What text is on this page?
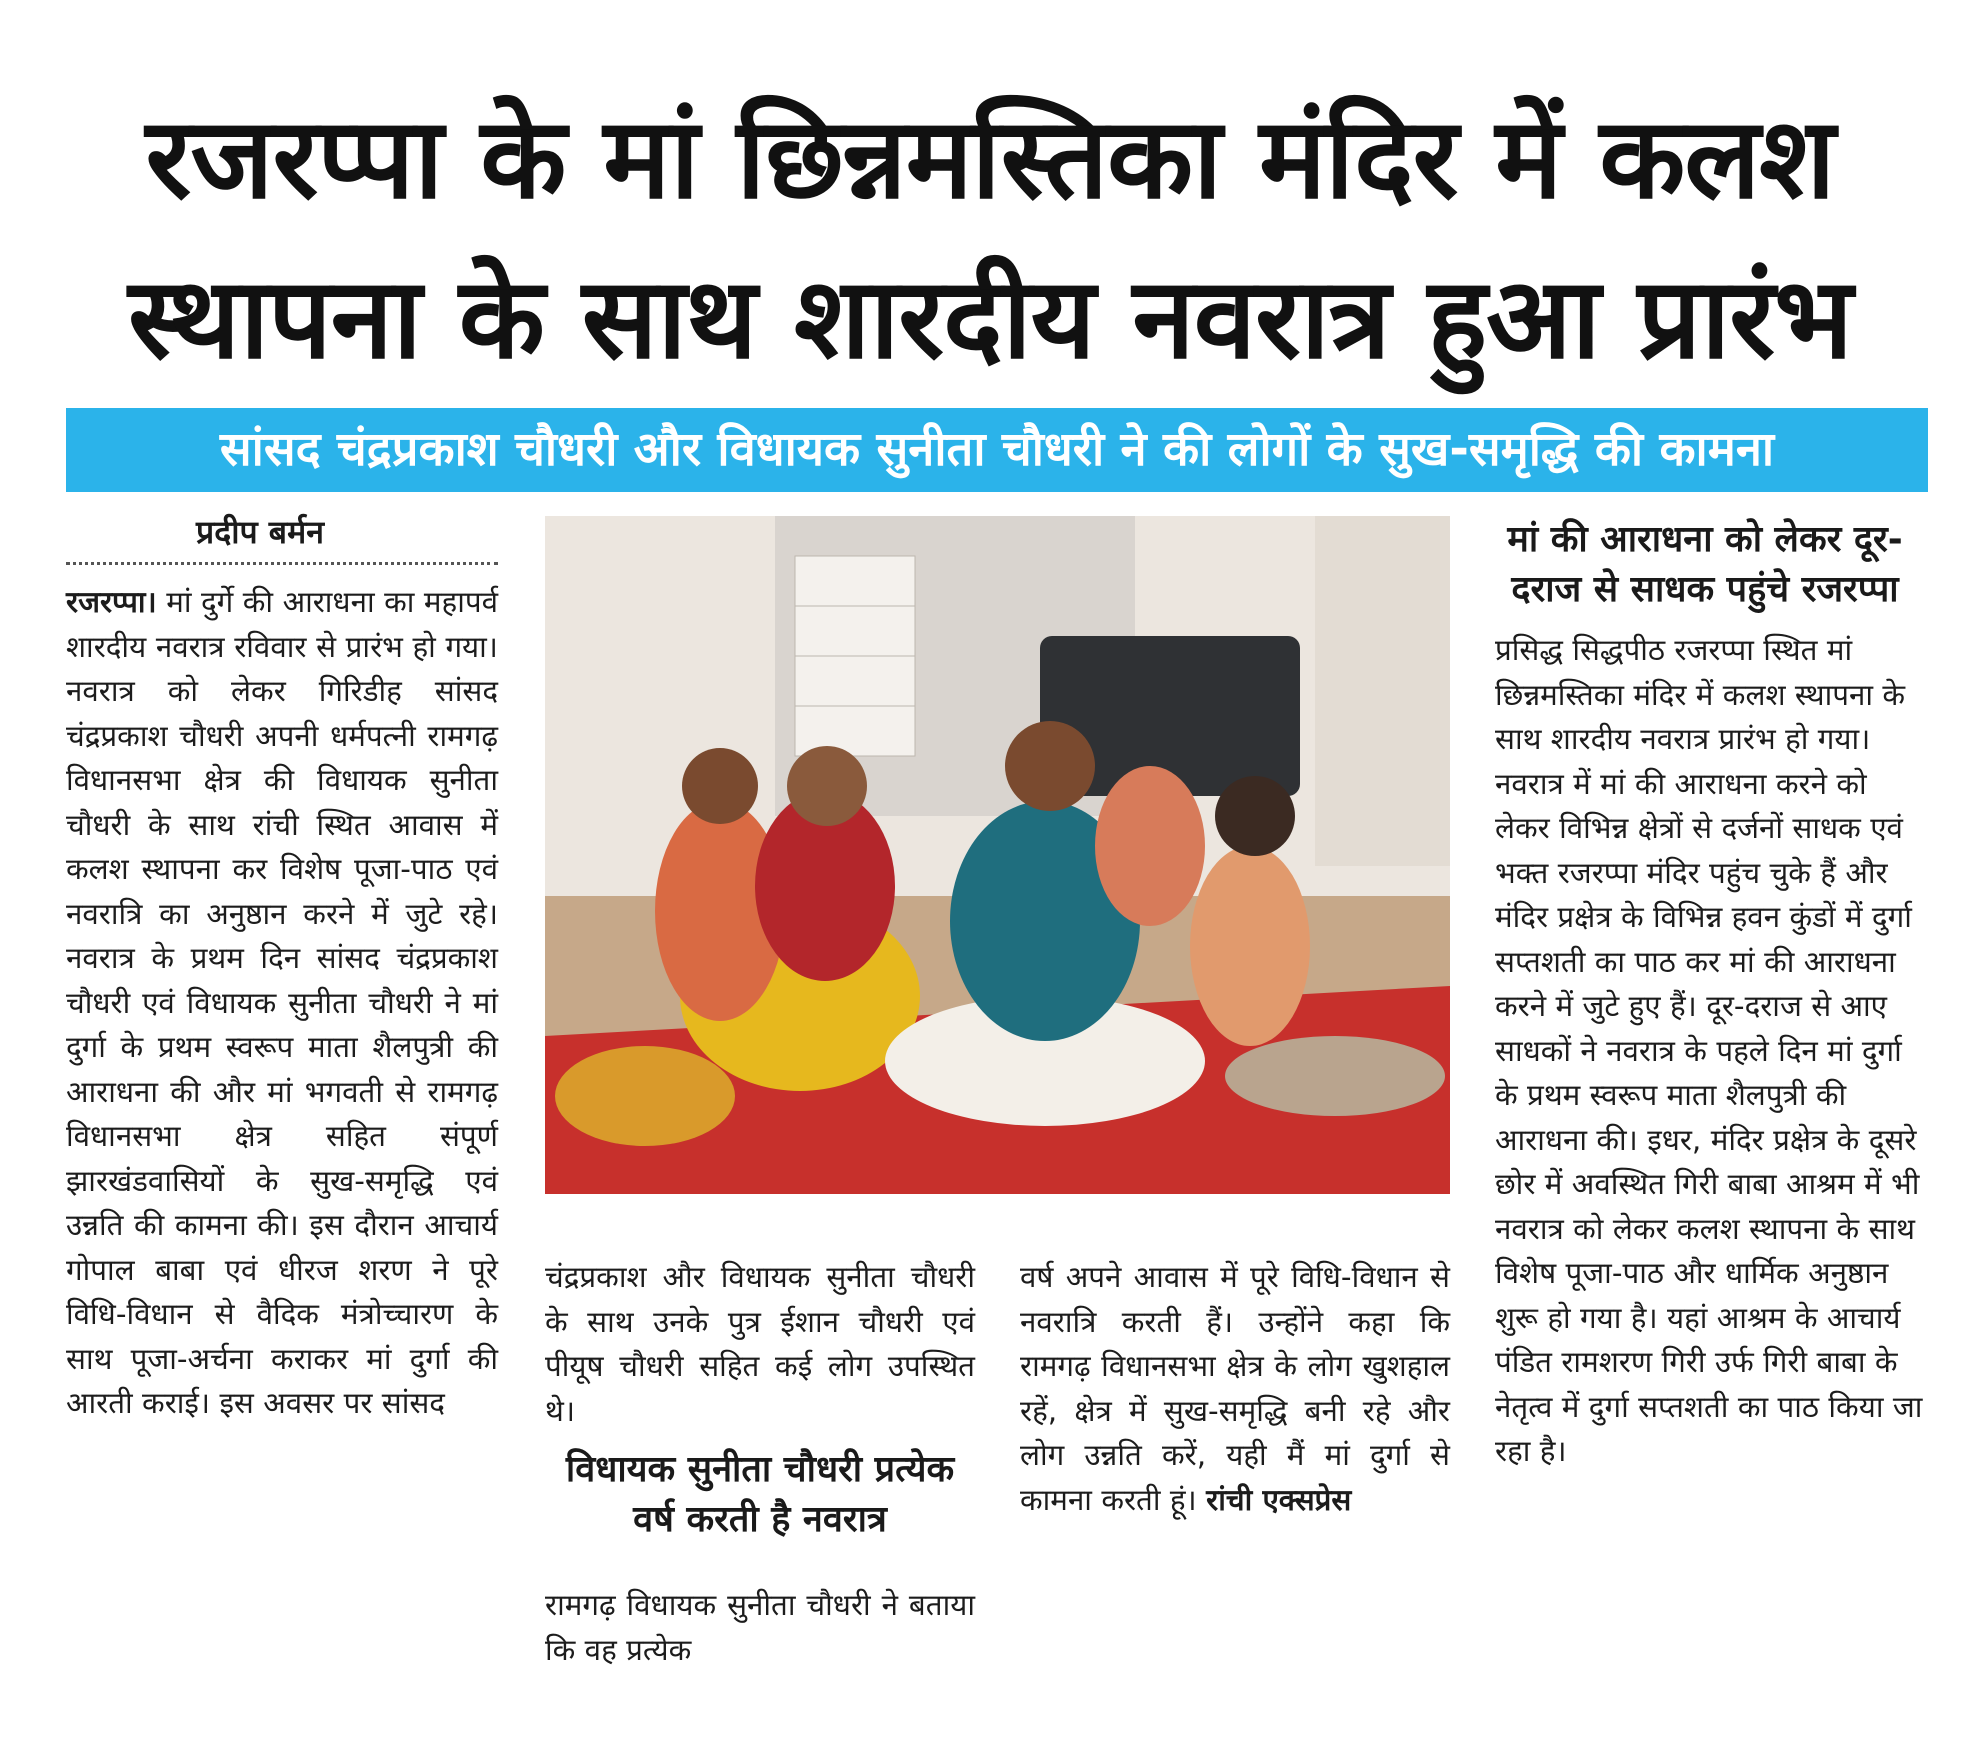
रजरप्पा के मां छिन्नमस्तिका मंदिर में कलश
स्थापना के साथ शारदीय नवरात्र हुआ प्रारंभ
सांसद चंद्रप्रकाश चौधरी और विधायक सुनीता चौधरी ने की लोगों के सुख-समृद्धि की कामना
प्रदीप बर्मन
रजरप्पा। मां दुर्गे की आराधना का महापर्व शारदीय नवरात्र रविवार से प्रारंभ हो गया। नवरात्र को लेकर गिरिडीह सांसद चंद्रप्रकाश चौधरी अपनी धर्मपत्नी रामगढ़ विधानसभा क्षेत्र की विधायक सुनीता चौधरी के साथ रांची स्थित आवास में कलश स्थापना कर विशेष पूजा-पाठ एवं नवरात्रि का अनुष्ठान करने में जुटे रहे। नवरात्र के प्रथम दिन सांसद चंद्रप्रकाश चौधरी एवं विधायक सुनीता चौधरी ने मां दुर्गा के प्रथम स्वरूप माता शैलपुत्री की आराधना की और मां भगवती से रामगढ़ विधानसभा क्षेत्र सहित संपूर्ण झारखंडवासियों के सुख-समृद्धि एवं उन्नति की कामना की। इस दौरान आचार्य गोपाल बाबा एवं धीरज शरण ने पूरे विधि-विधान से वैदिक मंत्रोच्चारण के साथ पूजा-अर्चना कराकर मां दुर्गा की आरती कराई। इस अवसर पर सांसद
चंद्रप्रकाश और विधायक सुनीता चौधरी के साथ उनके पुत्र ईशान चौधरी एवं पीयूष चौधरी सहित कई लोग उपस्थित थे।
विधायक सुनीता चौधरी प्रत्येक वर्ष करती है नवरात्र
रामगढ़ विधायक सुनीता चौधरी ने बताया कि वह प्रत्येक
वर्ष अपने आवास में पूरे विधि-विधान से नवरात्रि करती हैं। उन्होंने कहा कि रामगढ़ विधानसभा क्षेत्र के लोग खुशहाल रहें, क्षेत्र में सुख-समृद्धि बनी रहे और लोग उन्नति करें, यही मैं मां दुर्गा से कामना करती हूं। रांची एक्सप्रेस
मां की आराधना को लेकर दूर-दराज से साधक पहुंचे रजरप्पा
प्रसिद्ध सिद्धपीठ रजरप्पा स्थित मां छिन्नमस्तिका मंदिर में कलश स्थापना के साथ शारदीय नवरात्र प्रारंभ हो गया। नवरात्र में मां की आराधना करने को लेकर विभिन्न क्षेत्रों से दर्जनों साधक एवं भक्त रजरप्पा मंदिर पहुंच चुके हैं और मंदिर प्रक्षेत्र के विभिन्न हवन कुंडों में दुर्गा सप्तशती का पाठ कर मां की आराधना करने में जुटे हुए हैं। दूर-दराज से आए साधकों ने नवरात्र के पहले दिन मां दुर्गा के प्रथम स्वरूप माता शैलपुत्री की आराधना की। इधर, मंदिर प्रक्षेत्र के दूसरे छोर में अवस्थित गिरी बाबा आश्रम में भी नवरात्र को लेकर कलश स्थापना के साथ विशेष पूजा-पाठ और धार्मिक अनुष्ठान शुरू हो गया है। यहां आश्रम के आचार्य पंडित रामशरण गिरी उर्फ गिरी बाबा के नेतृत्व में दुर्गा सप्तशती का पाठ किया जा रहा है।
